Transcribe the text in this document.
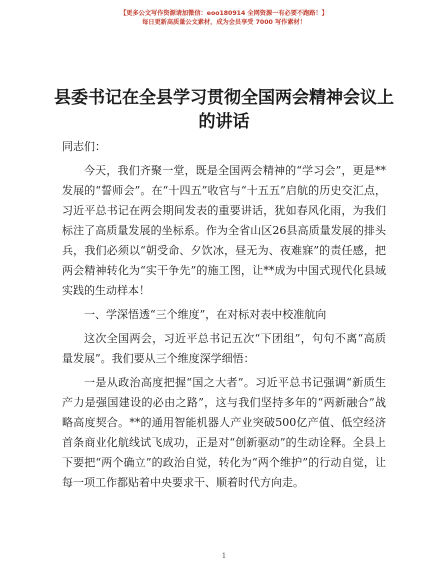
【更多公文写作资源请加微信：eoo180914 全网资源一有必要不跑路！】
每日更新高质量公文素材，成为会员享受 7000 写作素材！
县委书记在全县学习贯彻全国两会精神会议上的讲话

同志们：

今天，我们齐聚一堂，既是全国两会精神的“学习会”，更是**发展的“誓师会”。在“十四五”收官与“十五五”启航的历史交汇点，习近平总书记在两会期间发表的重要讲话，犹如春风化雨，为我们标注了高质量发展的坐标系。作为全省山区26县高质量发展的排头兵，我们必须以“朝受命、夕饮冰，昼无为、夜难寐”的责任感，把两会精神转化为“实干争先”的施工图，让**成为中国式现代化县域实践的生动样本！

一、学深悟透“三个维度”，在对标对表中校准航向

这次全国两会，习近平总书记五次“下团组”，句句不离“高质量发展”。我们要从三个维度深学细悟：

一是从政治高度把握“国之大者”。习近平总书记强调“新质生产力是强国建设的必由之路”，这与我们坚持多年的“两新融合”战略高度契合。**的通用智能机器人产业突破500亿产值、低空经济首条商业化航线试飞成功，正是对“创新驱动”的生动诠释。全县上下要把“两个确立”的政治自觉，转化为“两个维护”的行动自觉，让每一项工作都贴着中央要求干、顺着时代方向走。

1
